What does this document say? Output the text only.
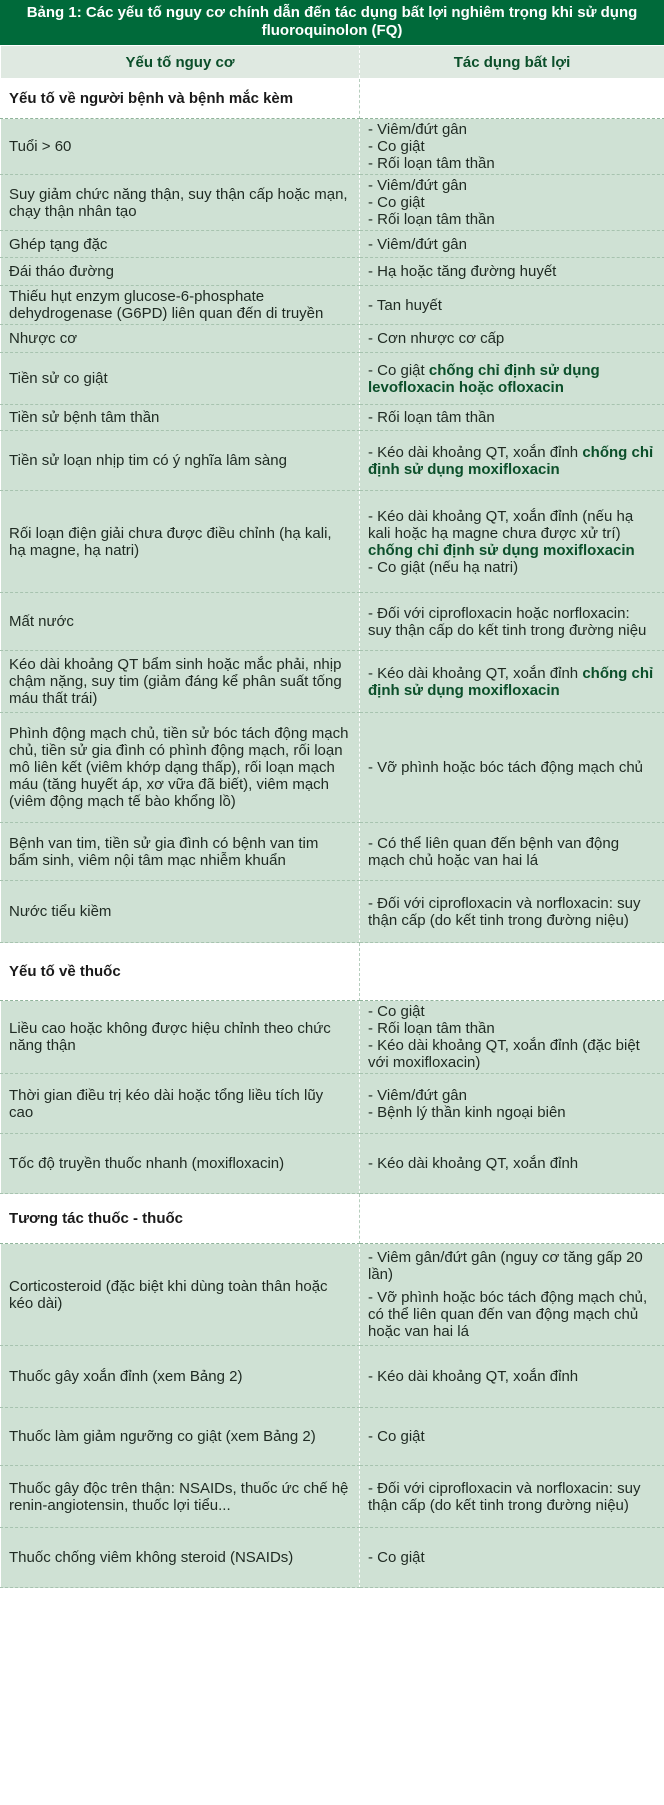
Bảng 1: Các yếu tố nguy cơ chính dẫn đến tác dụng bất lợi nghiêm trọng khi sử dụng fluoroquinolon (FQ)
Yếu tố nguy cơ	Tác dụng bất lợi
Yếu tố về người bệnh và bệnh mắc kèm	
Tuổi > 60	- Viêm/đứt gân
- Co giật
- Rối loạn tâm thần

Suy giảm chức năng thận, suy thận cấp hoặc mạn, chạy thận nhân tạo	- Viêm/đứt gân
- Co giật
- Rối loạn tâm thần

Ghép tạng đặc	- Viêm/đứt gân

Đái tháo đường	- Hạ hoặc tăng đường huyết

Thiếu hụt enzym glucose-6-phosphate dehydrogenase (G6PD) liên quan đến di truyền	- Tan huyết

Nhược cơ	- Cơn nhược cơ cấp

Tiền sử co giật	- Co giật chống chỉ định sử dụng levofloxacin hoặc ofloxacin

Tiền sử bệnh tâm thần	- Rối loạn tâm thần

Tiền sử loạn nhịp tim có ý nghĩa lâm sàng	- Kéo dài khoảng QT, xoắn đỉnh chống chỉ định sử dụng moxifloxacin

Rối loạn điện giải chưa được điều chỉnh (hạ kali, hạ magne, hạ natri)	- Kéo dài khoảng QT, xoắn đỉnh (nếu hạ kali hoặc hạ magne chưa được xử trí) chống chỉ định sử dụng moxifloxacin
- Co giật (nếu hạ natri)

Mất nước	- Đối với ciprofloxacin hoặc norfloxacin: suy thận cấp do kết tinh trong đường niệu

Kéo dài khoảng QT bẩm sinh hoặc mắc phải, nhịp chậm nặng, suy tim (giảm đáng kể phân suất tống máu thất trái)	- Kéo dài khoảng QT, xoắn đỉnh chống chỉ định sử dụng moxifloxacin

Phình động mạch chủ, tiền sử bóc tách động mạch chủ, tiền sử gia đình có phình động mạch, rối loạn mô liên kết (viêm khớp dạng thấp), rối loạn mạch máu (tăng huyết áp, xơ vữa đã biết), viêm mạch (viêm động mạch tế bào khổng lồ)	- Vỡ phình hoặc bóc tách động mạch chủ

Bệnh van tim, tiền sử gia đình có bệnh van tim bẩm sinh, viêm nội tâm mạc nhiễm khuẩn	- Có thể liên quan đến bệnh van động mạch chủ hoặc van hai lá

Nước tiểu kiềm	- Đối với ciprofloxacin và norfloxacin: suy thận cấp (do kết tinh trong đường niệu)

Yếu tố về thuốc	
Liều cao hoặc không được hiệu chỉnh theo chức năng thận	- Co giật
- Rối loạn tâm thần
- Kéo dài khoảng QT, xoắn đỉnh (đặc biệt với moxifloxacin)

Thời gian điều trị kéo dài hoặc tổng liều tích lũy cao	- Viêm/đứt gân
- Bệnh lý thần kinh ngoại biên

Tốc độ truyền thuốc nhanh (moxifloxacin)	- Kéo dài khoảng QT, xoắn đỉnh

Tương tác thuốc - thuốc	
Corticosteroid (đặc biệt khi dùng toàn thân hoặc kéo dài)	- Viêm gân/đứt gân (nguy cơ tăng gấp 20 lần)
- Vỡ phình hoặc bóc tách động mạch chủ, có thể liên quan đến van động mạch chủ hoặc van hai lá

Thuốc gây xoắn đỉnh (xem Bảng 2)	- Kéo dài khoảng QT, xoắn đỉnh

Thuốc làm giảm ngưỡng co giật (xem Bảng 2)	- Co giật

Thuốc gây độc trên thận: NSAIDs, thuốc ức chế hệ renin-angiotensin, thuốc lợi tiểu...	- Đối với ciprofloxacin và norfloxacin: suy thận cấp (do kết tinh trong đường niệu)

Thuốc chống viêm không steroid (NSAIDs)	- Co giật
